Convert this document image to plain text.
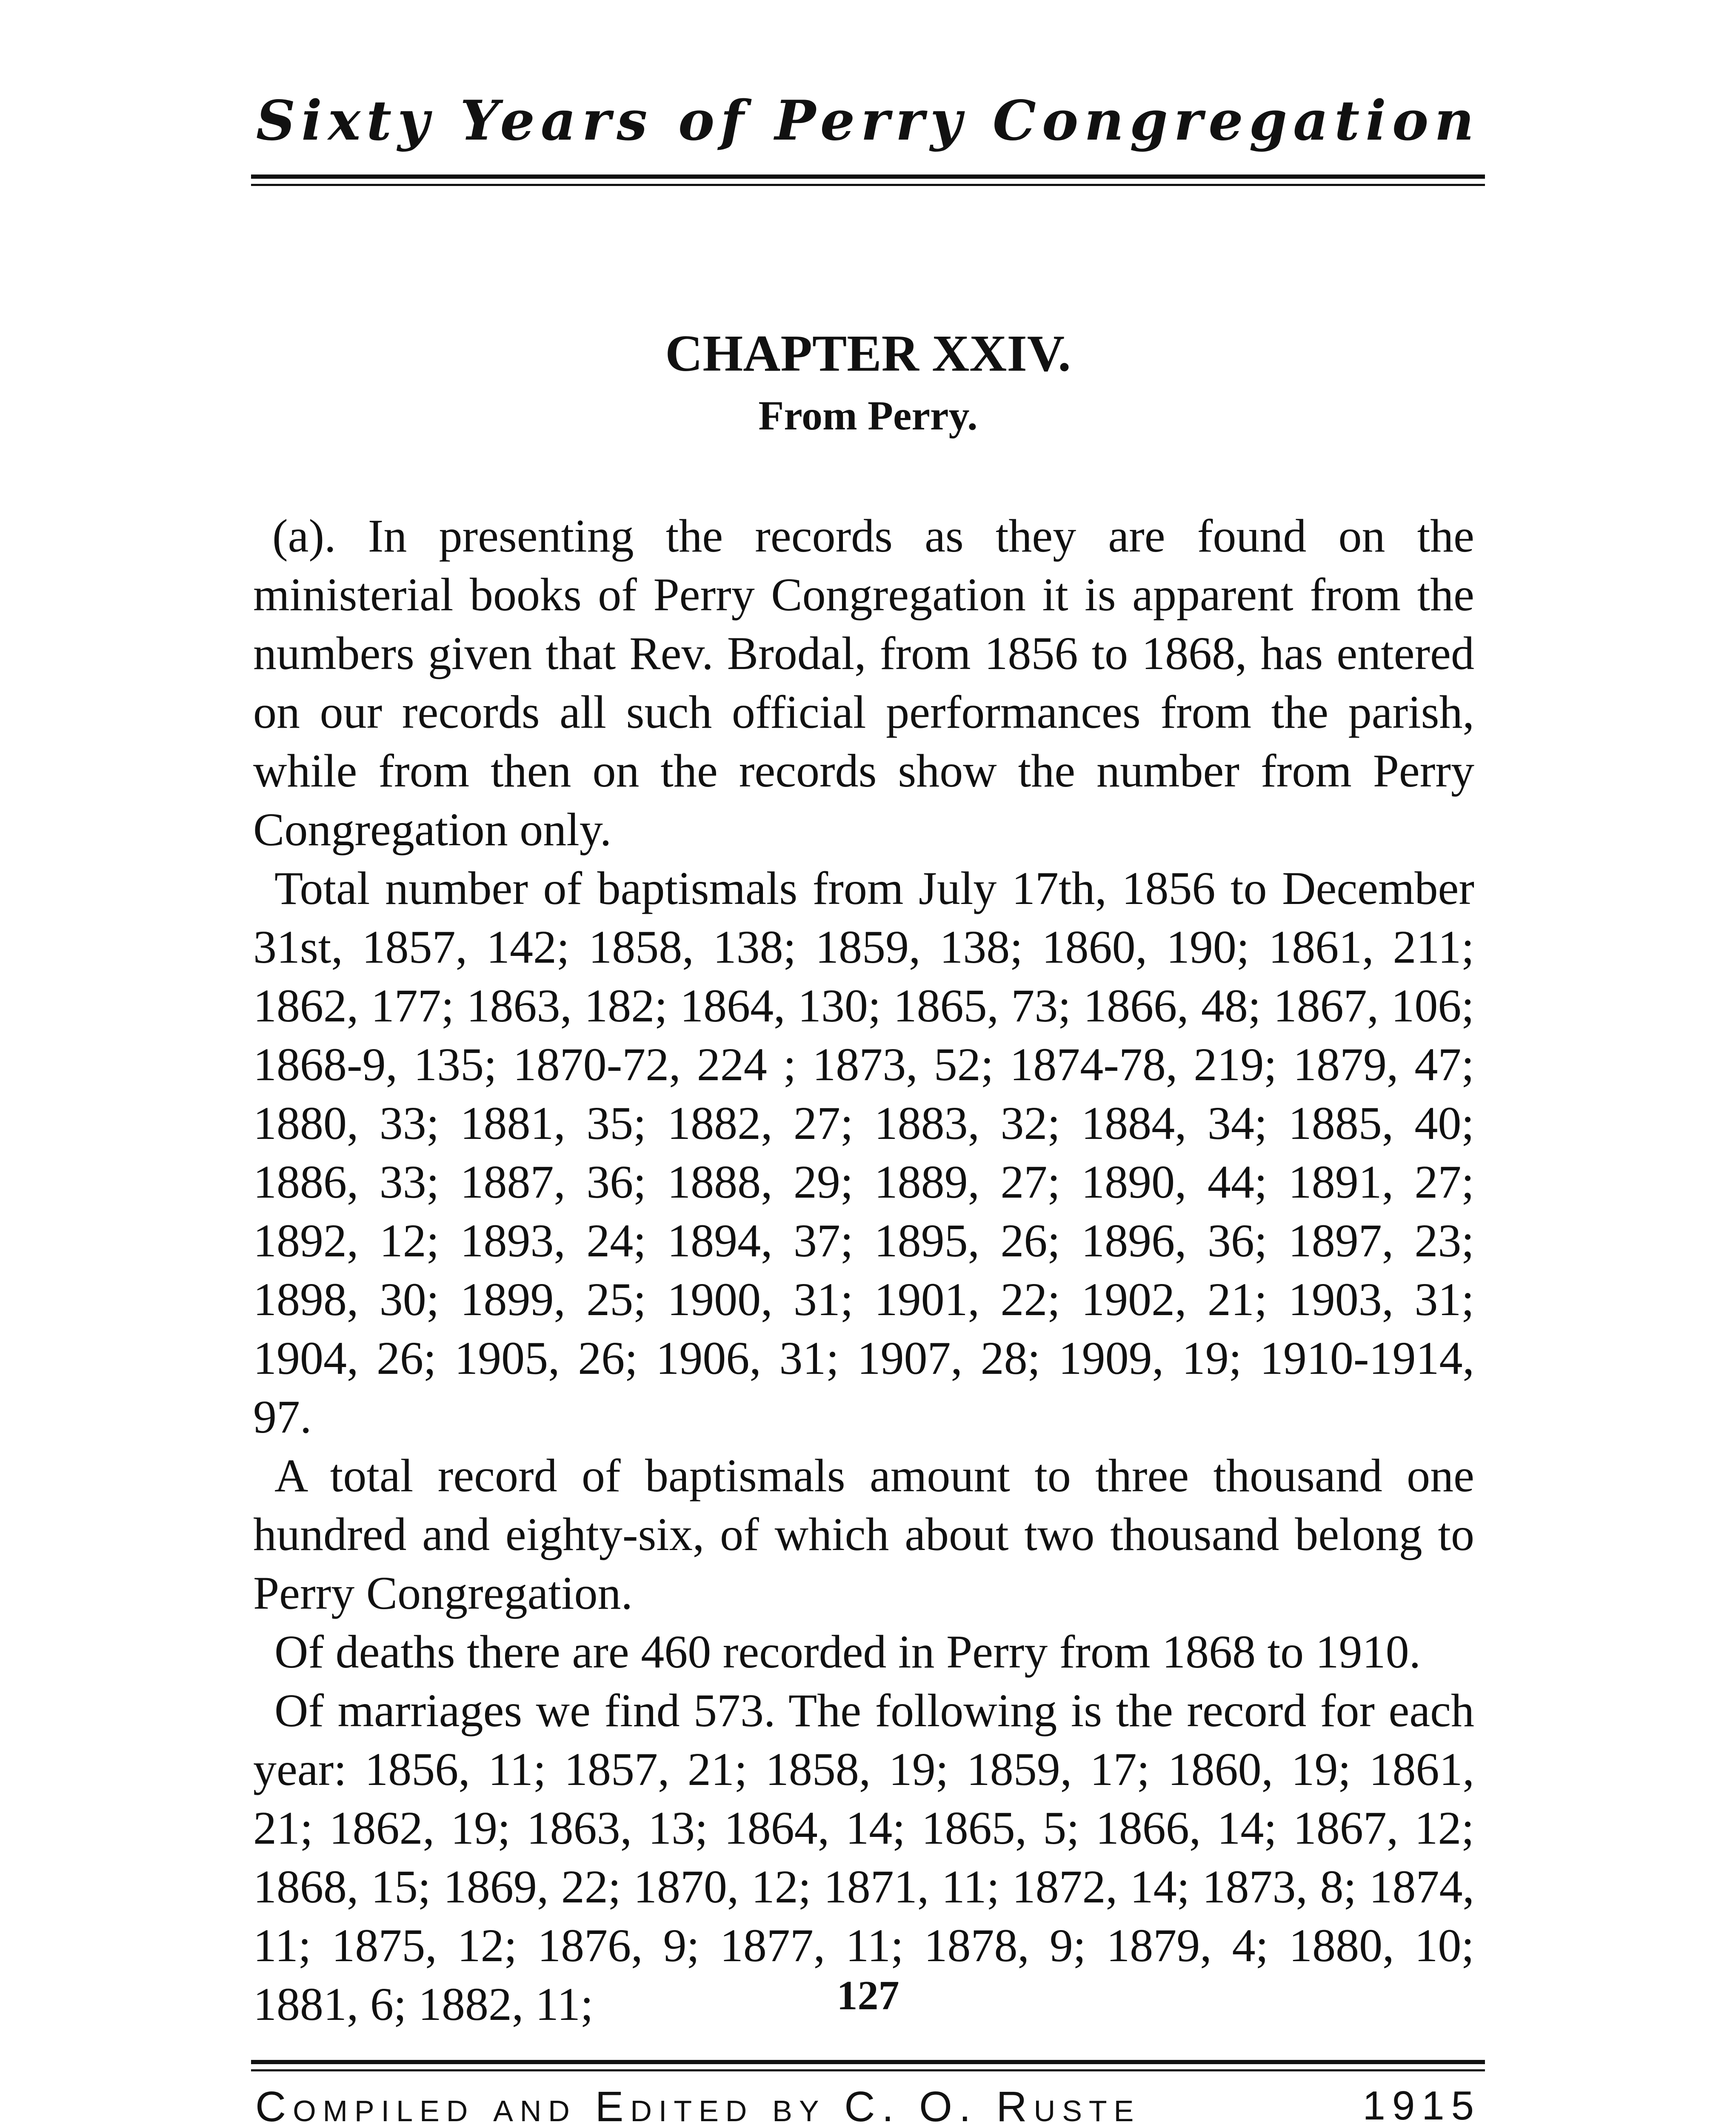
Sixty Years of Perry Congregation
CHAPTER XXIV.
From Perry.

(a). In presenting the records as they are found on the ministerial books of Perry Congregation it is apparent from the numbers given that Rev. Brodal, from 1856 to 1868, has entered on our records all such official performances from the parish, while from then on the records show the number from Perry Congregation only.

Total number of baptismals from July 17th, 1856 to December 31st, 1857, 142; 1858, 138; 1859, 138; 1860, 190; 1861, 211; 1862, 177; 1863, 182; 1864, 130; 1865, 73; 1866, 48; 1867, 106; 1868-9, 135; 1870-72, 224 ; 1873, 52; 1874-78, 219; 1879, 47; 1880, 33; 1881, 35; 1882, 27; 1883, 32; 1884, 34; 1885, 40; 1886, 33; 1887, 36; 1888, 29; 1889, 27; 1890, 44; 1891, 27; 1892, 12; 1893, 24; 1894, 37; 1895, 26; 1896, 36; 1897, 23; 1898, 30; 1899, 25; 1900, 31; 1901, 22; 1902, 21; 1903, 31; 1904, 26; 1905, 26; 1906, 31; 1907, 28; 1909, 19; 1910-1914, 97.

A total record of baptismals amount to three thousand one hundred and eighty-six, of which about two thousand belong to Perry Congregation.

Of deaths there are 460 recorded in Perry from 1868 to 1910.

Of marriages we find 573. The following is the record for each year: 1856, 11; 1857, 21; 1858, 19; 1859, 17; 1860, 19; 1861, 21; 1862, 19; 1863, 13; 1864, 14; 1865, 5; 1866, 14; 1867, 12; 1868, 15; 1869, 22; 1870, 12; 1871, 11; 1872, 14; 1873, 8; 1874, 11; 1875, 12; 1876, 9; 1877, 11; 1878, 9; 1879, 4; 1880, 10; 1881, 6; 1882, 11;	127
Compiled and Edited by C. O. Ruste	1915
